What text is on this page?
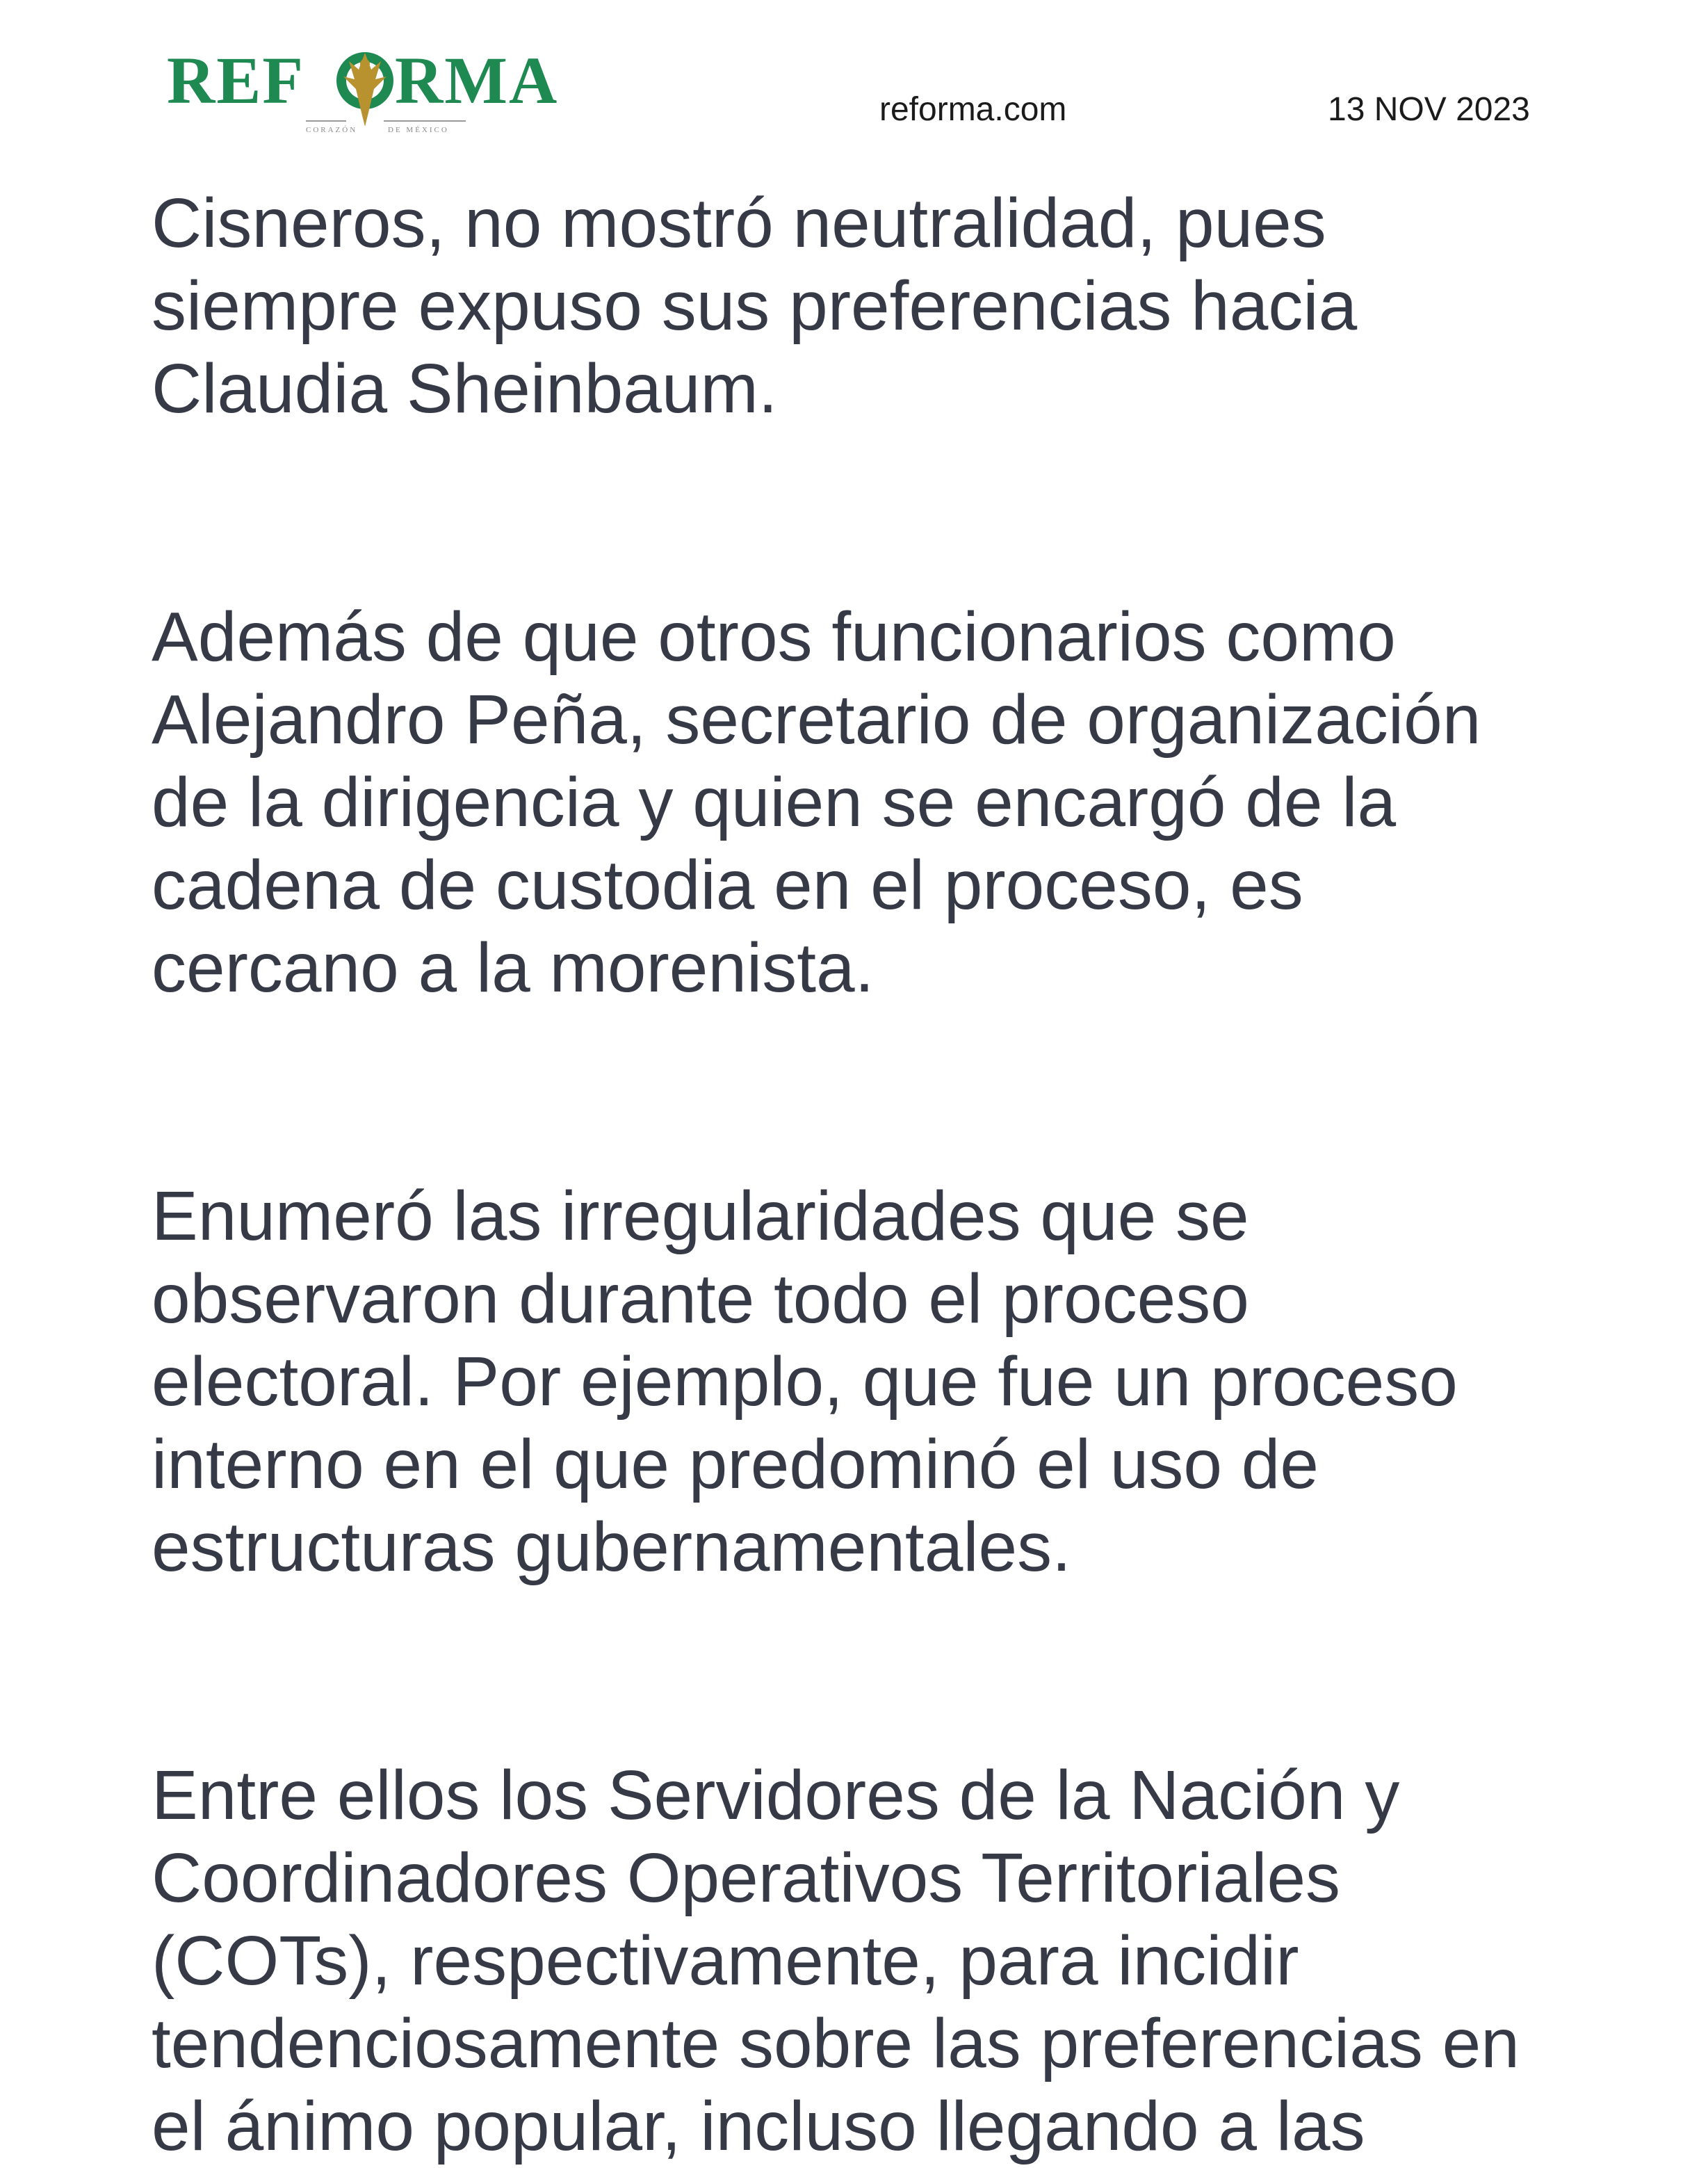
REF RMA
CORAZÓN	DE MÉXICO
reforma.com	13 NOV 2023
Cisneros, no mostró neutralidad, pues
siempre expuso sus preferencias hacia
Claudia Sheinbaum.
Además de que otros funcionarios como
Alejandro Peña, secretario de organización
de la dirigencia y quien se encargó de la
cadena de custodia en el proceso, es
cercano a la morenista.
Enumeró las irregularidades que se
observaron durante todo el proceso
electoral. Por ejemplo, que fue un proceso
interno en el que predominó el uso de
estructuras gubernamentales.
Entre ellos los Servidores de la Nación y
Coordinadores Operativos Territoriales
(COTs), respectivamente, para incidir
tendenciosamente sobre las preferencias en
el ánimo popular, incluso llegando a las
